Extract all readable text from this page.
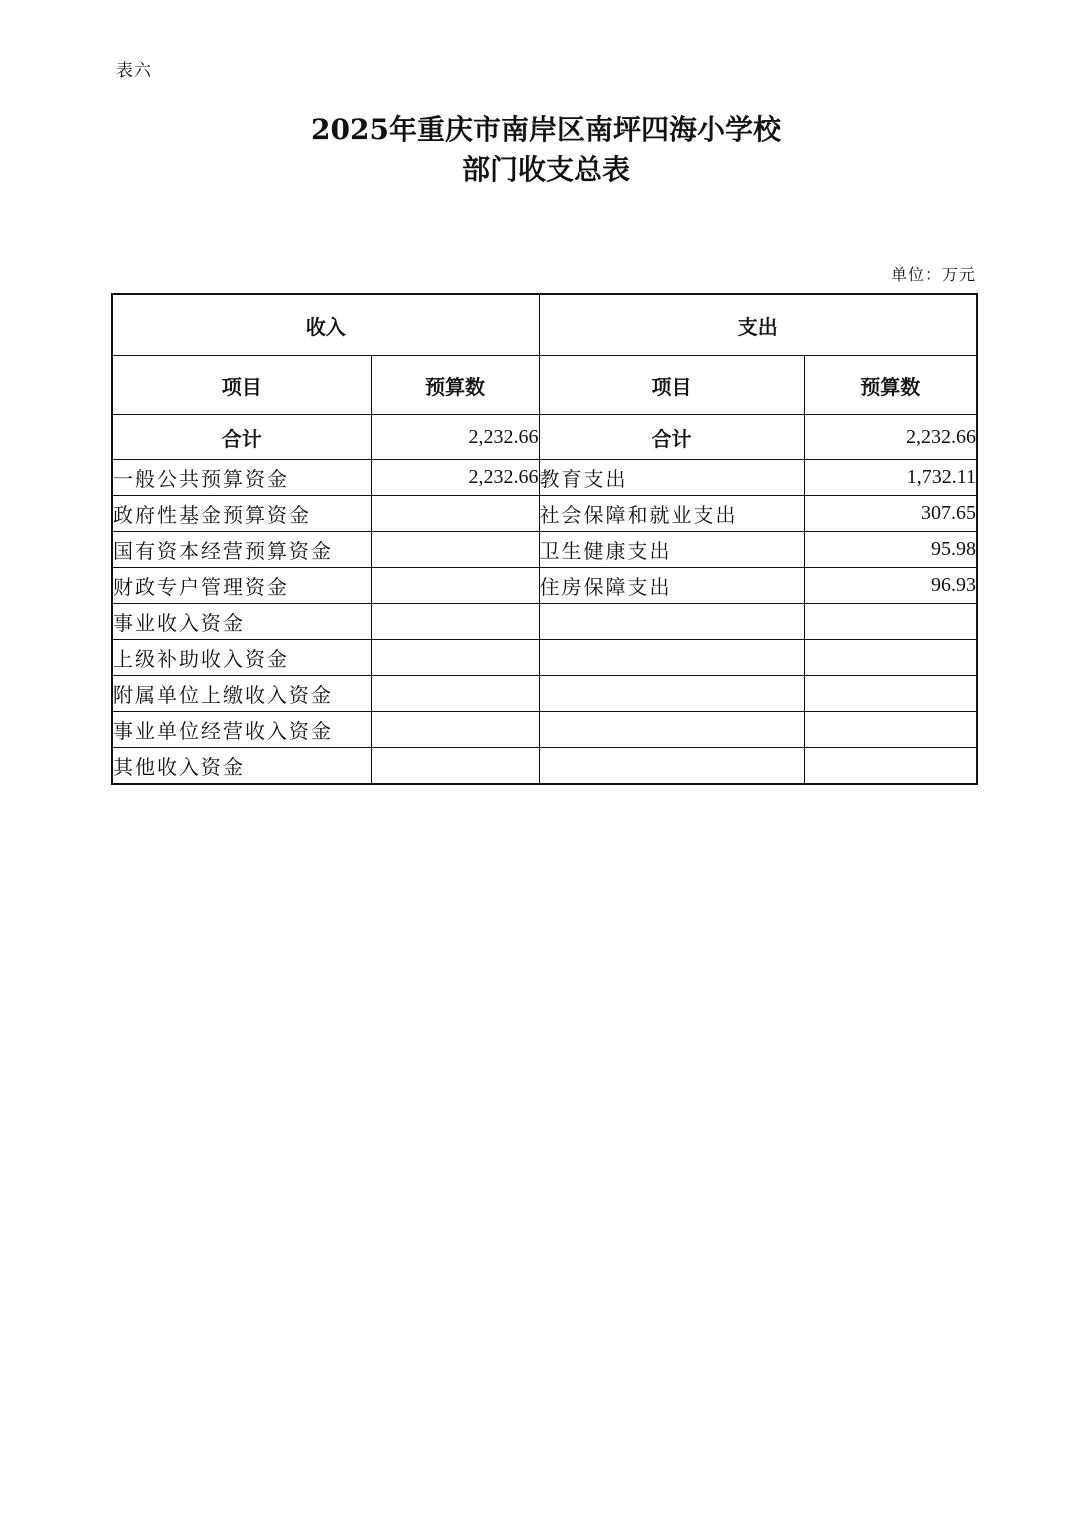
表六
2025年重庆市南岸区南坪四海小学校
部门收支总表
单位：万元
收入		支出	
项目	预算数	项目	预算数
合计	2,232.66	合计	2,232.66
一般公共预算资金	2,232.66	教育支出	1,732.11
政府性基金预算资金		社会保障和就业支出	307.65
国有资本经营预算资金		卫生健康支出	95.98
财政专户管理资金		住房保障支出	96.93
事业收入资金			
上级补助收入资金			
附属单位上缴收入资金			
事业单位经营收入资金			
其他收入资金			
